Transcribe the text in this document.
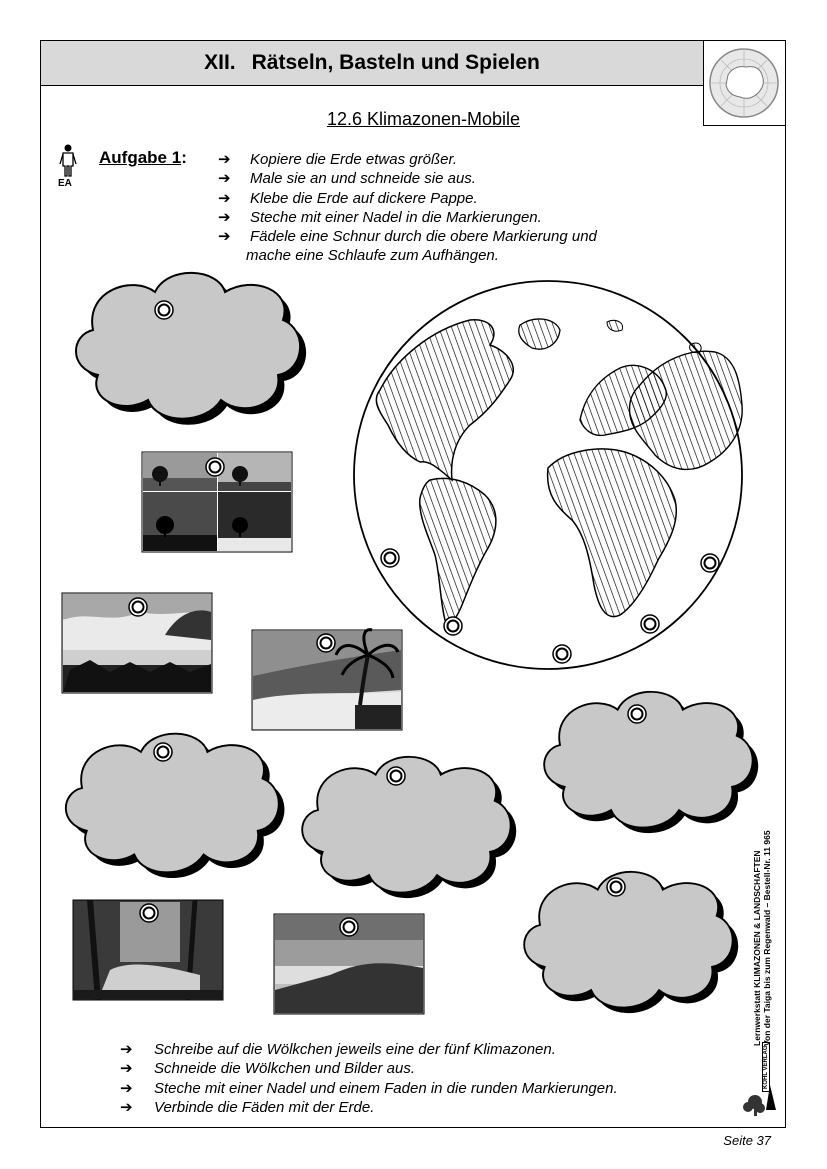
XII. Rätseln, Basteln und Spielen
12.6 Klimazonen-Mobile
EA
Aufgabe 1: ➔ Kopiere die Erde etwas größer.
➔ Male sie an und schneide sie aus.
➔ Klebe die Erde auf dickere Pappe.
➔ Steche mit einer Nadel in die Markierungen.
➔ Fädele eine Schnur durch die obere Markierung und
mache eine Schlaufe zum Aufhängen.
➔ Schreibe auf die Wölkchen jeweils eine der fünf Klimazonen.
➔ Schneide die Wölkchen und Bilder aus.
➔ Steche mit einer Nadel und einem Faden in die runden Markierungen.
➔ Verbinde die Fäden mit der Erde.
Lernwerkstatt KLIMAZONEN & LANDSCHAFTEN Von der Taiga bis zum Regenwald – Bestell-Nr. 11 965
KOHL VERLAG
Seite 37
